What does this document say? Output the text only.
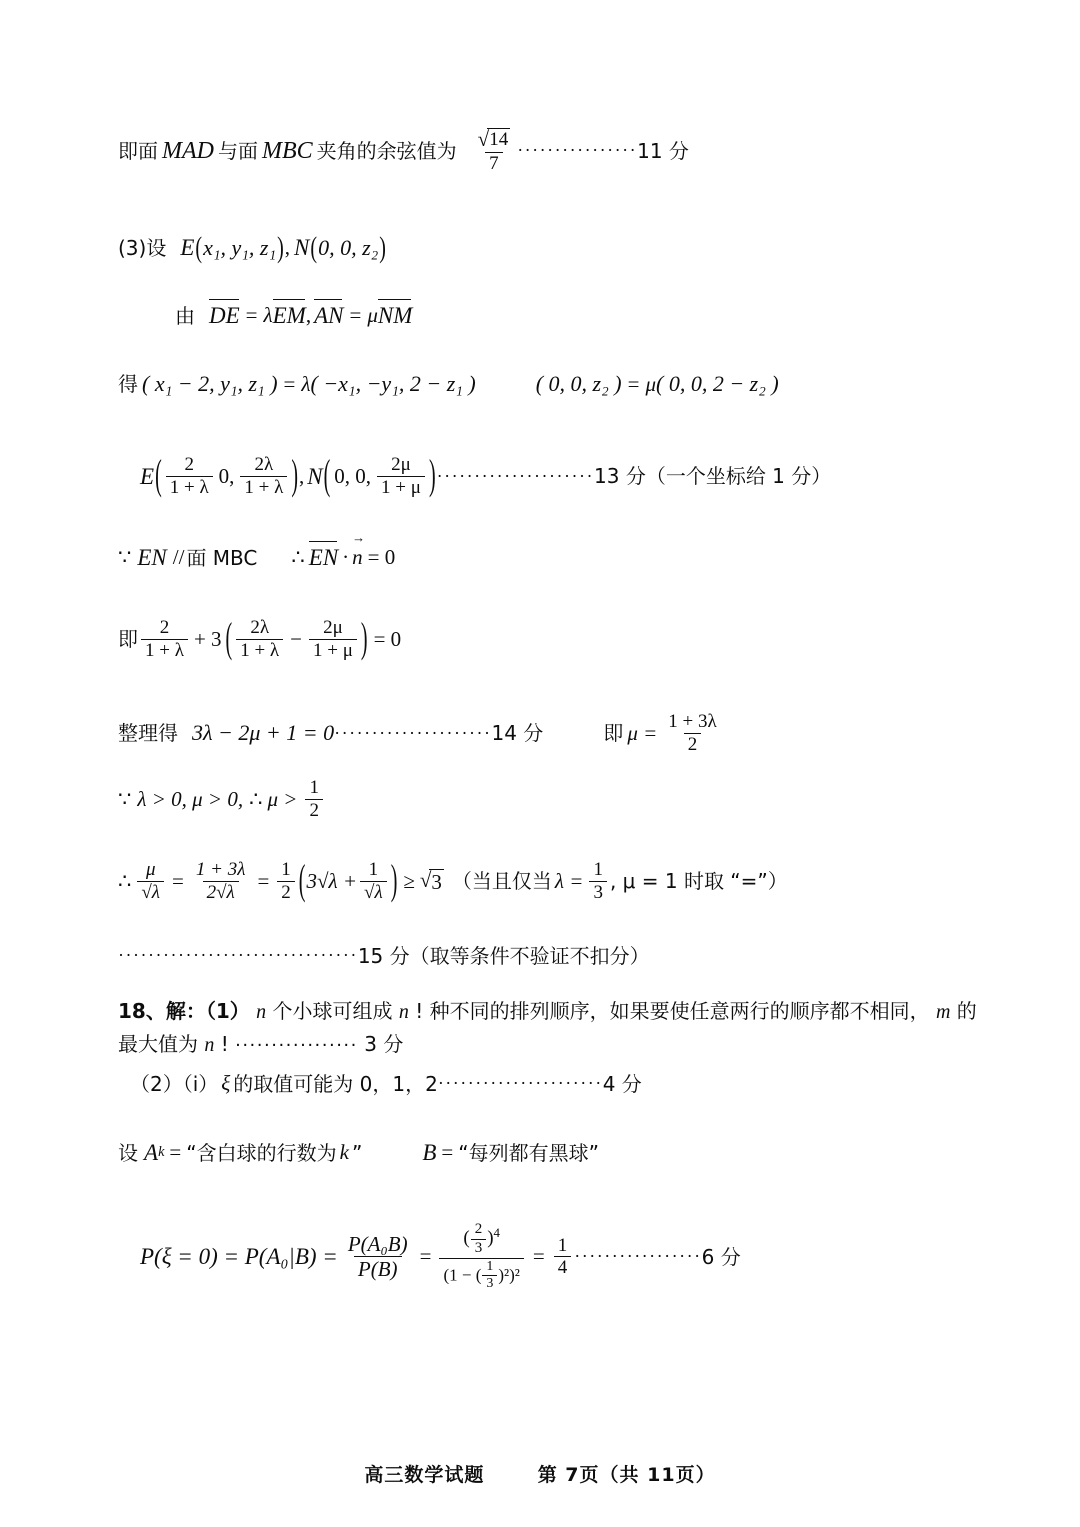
即面 MAD 与面 MBC 夹角的余弦值为 $\frac{√ 14}{7}$ ················ 11 分
(3)设 E ( x₁, y₁, z₁ ) , N ( 0, 0, z₂ )
由 DE = λ EM , AN = μ NM
得 ( x₁ − 2, y₁, z₁ ) = λ ( −x₁, −y₁, 2 − z₁ )	( 0, 0, z₂ ) = μ ( 0, 0, 2 − z₂ )
E ( $\frac{2}{1 + \lambda} 0$, $\frac{2\lambda}{1 + \lambda}$ ) , N ( 0, 0, $\frac{2\mu}{1 + \mu}$ ) ····················· 13 分 （一个坐标给 1 分）
∵ EN // 面 MBC ∴ EN · → n = 0
即 $\frac{2}{1 + \lambda} + 3$ ( $\frac{2\lambda}{1 + \lambda} - \frac{2\mu}{1 + \mu}$ ) = 0
整理得 3λ − 2μ + 1 = 0 ····················· 14 分	即 $\mu = \frac{1 + 3\lambda}{2}$
∵ λ > 0, μ > 0, ∴ $\mu > \frac{1}{2}$
∴ $\frac{\mu}{√\lambda} = \frac{1 + 3\lambda}{2√\lambda} = \frac{1}{2}$ ( $3√\lambda + \frac{1}{√\lambda}$ ) ≥ √ 3 （当且仅当 $\lambda = \frac{1}{3}$ , μ = 1 时取 “=”）
································ 15 分 （取等条件不验证不扣分）
18、解：（1） n 个小球可组成 n ! 种不同的排列顺序，如果要使任意两行的顺序都不相同， m 的最大值为 n ! ················· 3 分
（2）（i） ξ 的取值可能为 0，1，2 ······················ 4 分
设 A k = “含白球的行数为 k ”	B = “每列都有黑球”
$P(\xi = 0) = P(A_0|B) = \frac{\text{P(A₀B)}}{P(B)} = \frac{( \frac{2}{3} )^4}{(1 - ( \frac{1}{3} )^2)^2} = \frac{1}{4}$ ················· 6 分
高三数学试题	第 7页（共 11页）
